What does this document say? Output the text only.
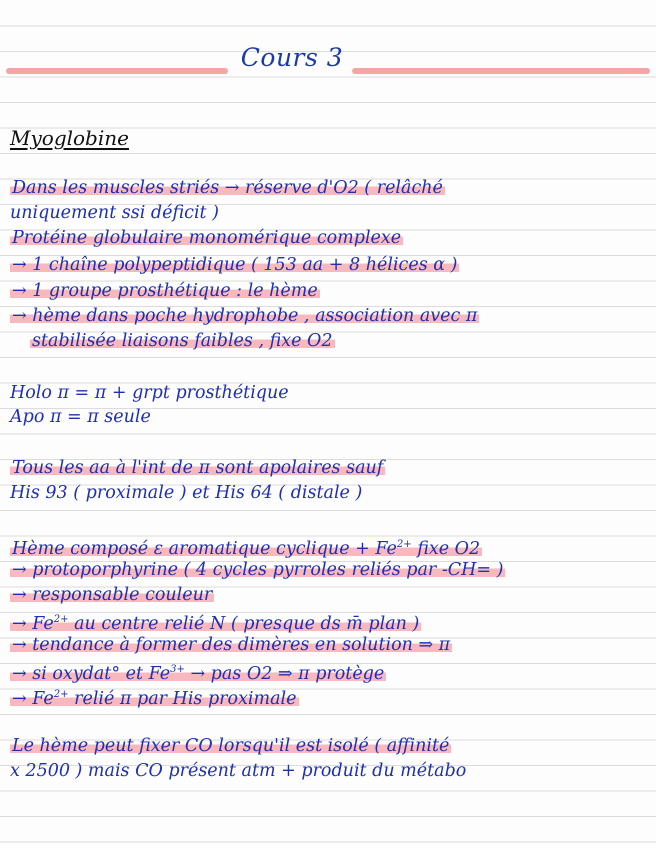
Cours 3
Myoglobine
Dans les muscles striés → réserve d'O2 ( relâché
uniquement ssi déficit )
Protéine globulaire monomérique complexe
→ 1 chaîne polypeptidique ( 153 aa + 8 hélices α )
→ 1 groupe prosthétique : le hème
→ hème dans poche hydrophobe , association avec π
stabilisée liaisons faibles , fixe O2
Holo π = π + grpt prosthétique
Apo π = π seule
Tous les aa à l'int de π sont apolaires sauf
His 93 ( proximale ) et His 64 ( distale )
Hème composé ε aromatique cyclique + $Fe^{2+}$ fixe O2
→ protoporphyrine ( 4 cycles pyrroles reliés par -CH= )
→ responsable couleur
→ $Fe^{2+}$ au centre relié N ( presque ds m̄ plan )
→ tendance à former des dimères en solution ⇒ π
→ si oxydat° et $Fe^{3+}$ → pas O2 ⇒ π protège
→ $Fe^{2+}$ relié π par His proximale
Le hème peut fixer CO lorsqu'il est isolé ( affinité
x 2500 ) mais CO présent atm + produit du métabo
